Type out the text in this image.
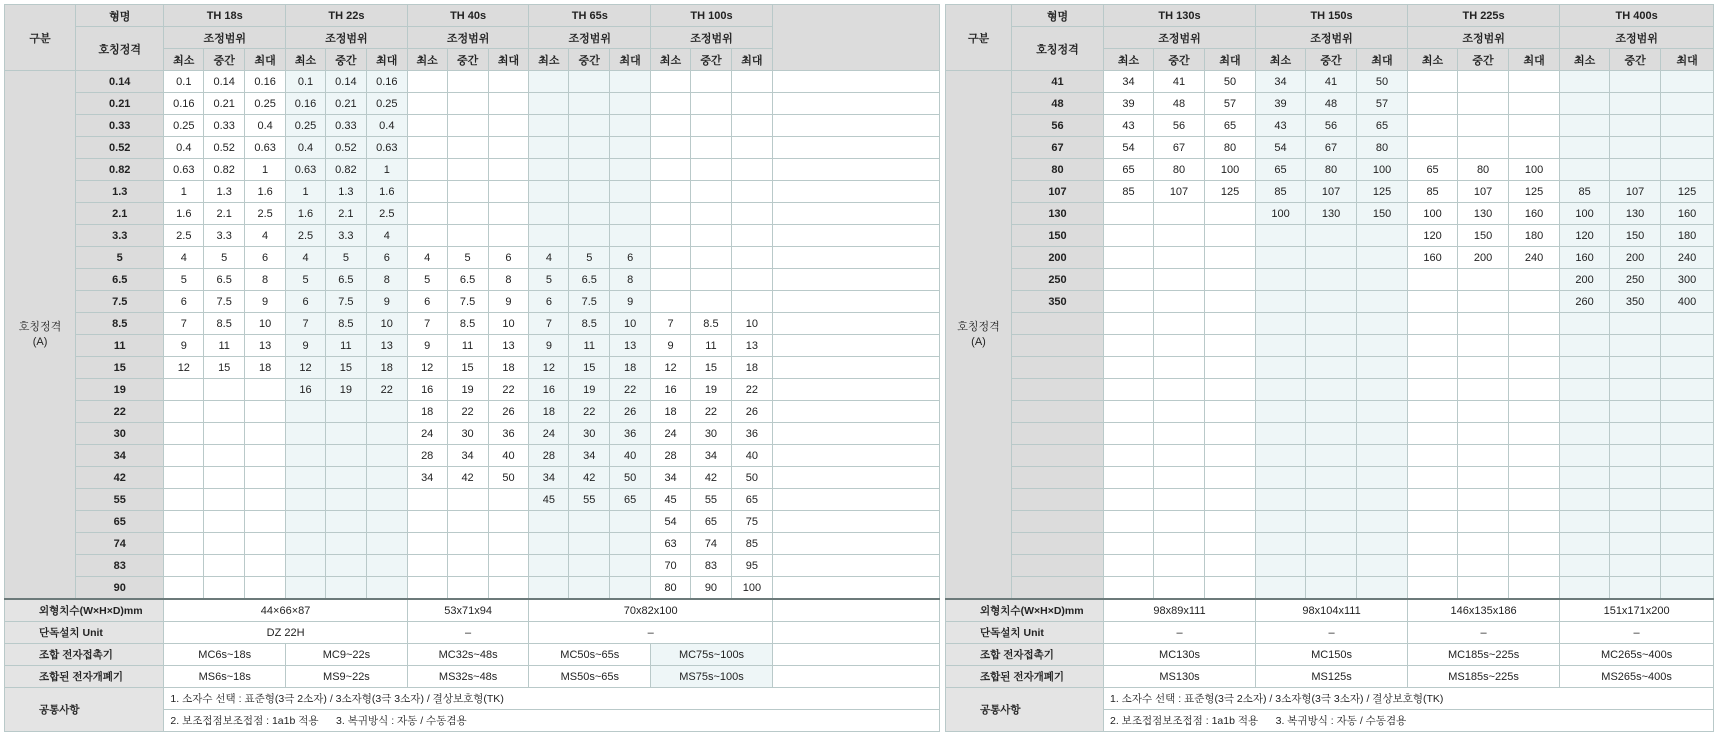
구분	형명	TH 18s			TH 22s			TH 40s			TH 65s			TH 100s			
	호칭정격	조정범위			조정범위			조정범위			조정범위			조정범위			
		최소	중간	최대	최소	중간	최대	최소	중간	최대	최소	중간	최대	최소	중간	최대	
호칭정격
(A)	0.14	0.1	0.14	0.16	0.1	0.14	0.16										
	0.21	0.16	0.21	0.25	0.16	0.21	0.25										
	0.33	0.25	0.33	0.4	0.25	0.33	0.4										
	0.52	0.4	0.52	0.63	0.4	0.52	0.63										
	0.82	0.63	0.82	1	0.63	0.82	1										
	1.3	1	1.3	1.6	1	1.3	1.6										
	2.1	1.6	2.1	2.5	1.6	2.1	2.5										
	3.3	2.5	3.3	4	2.5	3.3	4										
	5	4	5	6	4	5	6	4	5	6	4	5	6				
	6.5	5	6.5	8	5	6.5	8	5	6.5	8	5	6.5	8				
	7.5	6	7.5	9	6	7.5	9	6	7.5	9	6	7.5	9				
	8.5	7	8.5	10	7	8.5	10	7	8.5	10	7	8.5	10	7	8.5	10	
	11	9	11	13	9	11	13	9	11	13	9	11	13	9	11	13	
	15	12	15	18	12	15	18	12	15	18	12	15	18	12	15	18	
	19				16	19	22	16	19	22	16	19	22	16	19	22	
	22							18	22	26	18	22	26	18	22	26	
	30							24	30	36	24	30	36	24	30	36	
	34							28	34	40	28	34	40	28	34	40	
	42							34	42	50	34	42	50	34	42	50	
	55										45	55	65	45	55	65	
	65													54	65	75	
	74													63	74	85	
	83													70	83	95	
	90													80	90	100	
외형치수(W×H×D)mm		44×66×87						53x71x94			70x82x100						
단독설치 Unit		DZ 22H						–			–						
조합 전자접촉기		MC6s~18s			MC9~22s			MC32s~48s			MC50s~65s			MC75s~100s			
조합된 전자개폐기		MS6s~18s			MS9~22s			MS32s~48s			MS50s~65s			MS75s~100s			
공통사항		1. 소자수 선택 : 표준형(3극 2소자) / 3소자형(3극 3소자) / 결상보호형(TK)															
		2. 보조접점보조접점 : 1a1b 적용      3. 복귀방식 : 자동 / 수동겸용															
구분	형명	TH 130s			TH 150s			TH 225s			TH 400s		
	호칭정격	조정범위			조정범위			조정범위			조정범위		
		최소	중간	최대	최소	중간	최대	최소	중간	최대	최소	중간	최대
호칭정격
(A)	41	34	41	50	34	41	50						
	48	39	48	57	39	48	57						
	56	43	56	65	43	56	65						
	67	54	67	80	54	67	80						
	80	65	80	100	65	80	100	65	80	100			
	107	85	107	125	85	107	125	85	107	125	85	107	125
	130				100	130	150	100	130	160	100	130	160
	150							120	150	180	120	150	180
	200							160	200	240	160	200	240
	250										200	250	300
	350										260	350	400

외형치수(W×H×D)mm		98x89x111			98x104x111			146x135x186			151x171x200		
단독설치 Unit		–			–			–			–		
조합 전자접촉기		MC130s			MC150s			MC185s~225s			MC265s~400s		
조합된 전자개폐기		MS130s			MS125s			MS185s~225s			MS265s~400s		
공통사항		1. 소자수 선택 : 표준형(3극 2소자) / 3소자형(3극 3소자) / 결상보호형(TK)											
		2. 보조접점보조접점 : 1a1b 적용      3. 복귀방식 : 자동 / 수동겸용											
